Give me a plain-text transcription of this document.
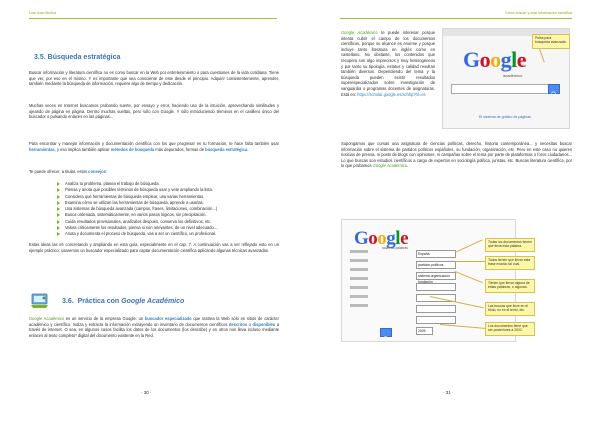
Luis Juan Muñoz
3.5. Búsqueda estratégica
Buscar información y literatura científica no es como buscar en la Web por entretenimiento o para cuestiones de la vida cotidiana. Tiene que ver, por eso en el mismo. Y es importante que sea consciente de este desde el principio. Adquirir consistentemente, aprender, también mediante la búsqueda de información, requiere algo de tiempo y dedicación.
Muchas veces en Internet buscamos probando suerte, por ensayo y error, haciendo uso de la intuición, aprovechando similitudes y ojeando de página en página. Dentro muchas vueltas, pero sólo con Google. Y sólo introduciendo términos en el casillero único del buscador o pulsando enlaces en las páginas...
Para encontrar y manejar información y documentación científica con los que progresar en tu formación, te hace falta también usar herramientas, y eso implica también aplicar métodos de búsqueda más depurados, formas de búsqueda estratégica.
Te puede ofrecer, a titular, estos consejos:
Analiza tu problema, planea el trabajo de búsqueda.
Piensa y anota qué posibles términos de búsqueda usar y vete ampliando la lista.
Considera qué herramientas de búsqueda emplear, usa varias herramientas.
Examina cómo se utilizan las herramientas de búsqueda, aprende a usarlas.
Usa sistemas de búsqueda avanzada (campos, frases, limitaciones, combinación...)
Busca ordenada, sistemáticamente, en varios pasos lógicos, sin precipitación.
Cuida resultados provisionales, analízalos después, conserva los definitivos, etc.
Valora críticamente los resultados, piensa si son relevantes, de un nivel adecuado...
Anota y documenta el proceso de búsqueda, vas a ser un científico, un profesional.
Estas ideas las iré concretando y ampliando en esta guía, especialmente en el cap. 7. A continuación vas a ver reflejado esto en un ejemplo práctico: usaremos un buscador especializado para captar documentación científica aplicando algunas técnicas avanzadas.
3.6. Práctica con Google Académico
Google Académico es un servicio de la empresa Google: un buscador especializado que rastrea la Web sólo en sitios de carácter académico y científico. Indiza y extracta la información extrayendo un inventario de documentos científicos descritos o disponibles a través de internet. O sea, en algunos casos facilita los datos de los documentos (los describe) y en otros nos lleva incluso mediante enlaces al texto completo* digital del documento existente en la Red.
· 30 ·
Cómo buscar y usar información científica
Google Académico te puede interesar porque intenta cubrir el campo de los documentos científicos, porque su alcance es enorme y porque incluye tanto literatura en inglés como en castellano. No obstante, los contenidos que recupera son algo imprecisos y muy heterogéneos y por tanto su tipología, estatus y calidad resultan también diversos. Dependiendo del tema y la búsqueda pueden existir resultados superespecializados sobre investigación de vanguardia o programas docentes de asignaturas. Está en: https://scholar.google.es/schhp?hl=es
Google
académico
El sistema de gráfico de páginas
Pulsa para búsqueda avanzada.
Supongamos que cursas una asignatura de ciencias políticas, derecho, historia contemporánea... y necesitas buscar información sobre el sistema de partidos políticos españoles, su fundación, organización, etc. Pero en este caso no quieres noticias de prensa, ni posts de blogs con opiniones, ni campañas sobre el tema por parte de plataformas o foros ciudadanos... Lo que buscas son estudios científicos a cargo de expertos en sociología política, juristas, etc. Buscas literatura científica, por lo que probamos Google Académico.
Google
todas las palabras
España
partidos políticos
sistema organización fundación
2005
Todas los documentos tienen que lleva esta palabra.
Todos tienen que llevar esta frase exacta: tal cual.
Tienen que llevar alguna de estas palabras, o algunas.
Las buscas que lleve en el título, no en el texto, etc.
Los documentos tiene que ser posteriores a 2002.
· 31 ·
